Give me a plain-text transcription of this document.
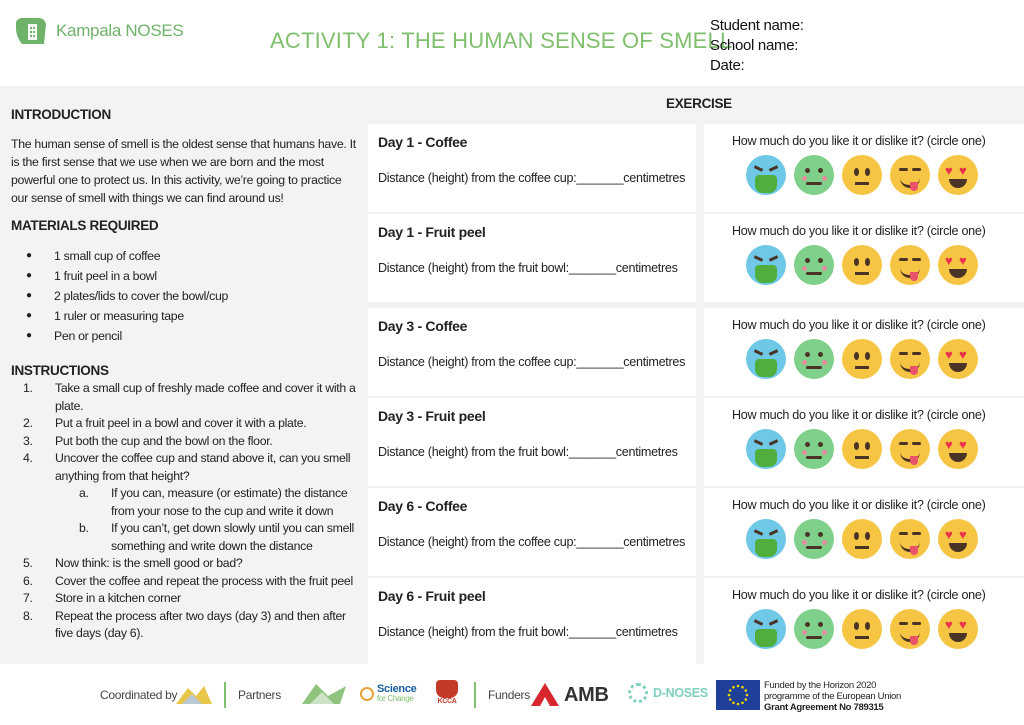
Kampala NOSES	ACTIVITY 1: THE HUMAN SENSE OF SMELL
Student name:
School name:
Date:
INTRODUCTION

The human sense of smell is the oldest sense that humans have. It is the first sense that we use when we are born and the most powerful one to protect us. In this activity, we’re going to practice our sense of smell with things we can find around us!

MATERIALS REQUIRED
●	1 small cup of coffee
●	1 fruit peel in a bowl
●	2 plates/lids to cover the bowl/cup
●	1 ruler or measuring tape
●	Pen or pencil
INSTRUCTIONS
1.	Take a small cup of freshly made coffee and cover it with a plate.
2.	Put a fruit peel in a bowl and cover it with a plate.
3.	Put both the cup and the bowl on the floor.
4.	Uncover the coffee cup and stand above it, can you smell anything from that height?
a.	If you can, measure (or estimate) the distance from your nose to the cup and write it down
b.	If you can’t, get down slowly until you can smell something and write down the distance
5.	Now think: is the smell good or bad?
6.	Cover the coffee and repeat the process with the fruit peel
7.	Store in a kitchen corner
8.	Repeat the process after two days (day 3) and then after five days (day 6).
EXERCISE
Day 1 - Coffee
Distance (height) from the coffee cup:_______centimetres
How much do you like it or dislike it? (circle one)
♥ ♥
Day 1 - Fruit peel
Distance (height) from the fruit bowl:_______centimetres
How much do you like it or dislike it? (circle one)
♥ ♥
Day 3 - Coffee
Distance (height) from the coffee cup:_______centimetres
How much do you like it or dislike it? (circle one)
♥ ♥
Day 3 - Fruit peel
Distance (height) from the fruit bowl:_______centimetres
How much do you like it or dislike it? (circle one)
♥ ♥
Day 6 - Coffee
Distance (height) from the coffee cup:_______centimetres
How much do you like it or dislike it? (circle one)
♥ ♥
Day 6 - Fruit peel
Distance (height) from the fruit bowl:_______centimetres
How much do you like it or dislike it? (circle one)
♥ ♥
Coordinated by	Partners	Science
for Change	KCCA	Funders AMB	D-NOSES
Funded by the Horizon 2020
programme of the European Union
Grant Agreement No 789315
